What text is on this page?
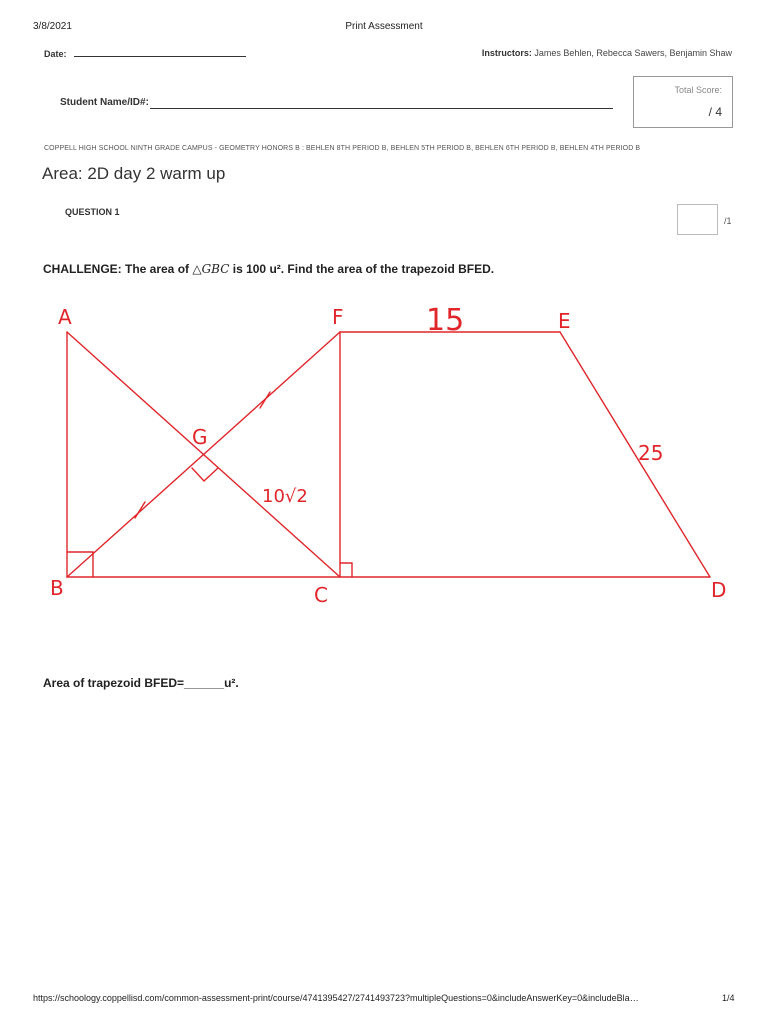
3/8/2021	Print Assessment
Date:	Instructors: James Behlen, Rebecca Sawers, Benjamin Shaw
Student Name/ID#:
Total Score:
/ 4
COPPELL HIGH SCHOOL NINTH GRADE CAMPUS - GEOMETRY HONORS B : BEHLEN 8TH PERIOD B, BEHLEN 5TH PERIOD B, BEHLEN 6TH PERIOD B, BEHLEN 4TH PERIOD B
Area: 2D day 2 warm up
QUESTION 1
/1
CHALLENGE: The area of △GBC is 100 u². Find the area of the trapezoid BFED.
A	F	E
G
B	C	D
15
25
10√2
Area of trapezoid BFED=______u².
https://schoology.coppellisd.com/common-assessment-print/course/4741395427/2741493723?multipleQuestions=0&includeAnswerKey=0&includeBla…	1/4
